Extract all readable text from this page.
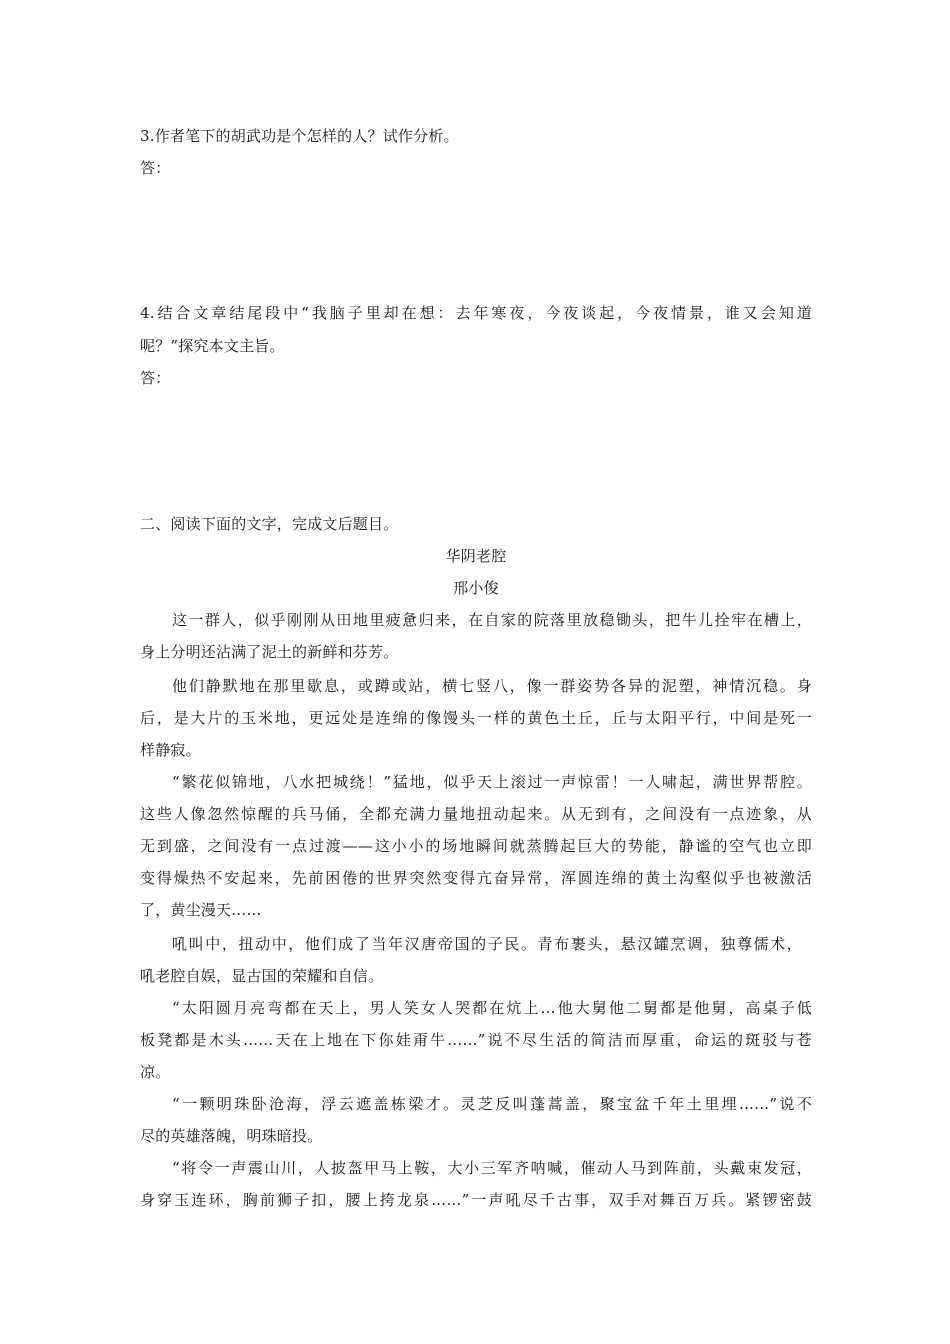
3.作者笔下的胡武功是个怎样的人？试作分析。
答：
4.结合文章结尾段中“我脑子里却在想：去年寒夜，今夜谈起，今夜情景，谁又会知道
呢？”探究本文主旨。
答：
二、阅读下面的文字，完成文后题目。
华阴老腔
邢小俊
这一群人，似乎刚刚从田地里疲惫归来，在自家的院落里放稳锄头，把牛儿拴牢在槽上，
身上分明还沾满了泥土的新鲜和芬芳。
他们静默地在那里歇息，或蹲或站，横七竖八，像一群姿势各异的泥塑，神情沉稳。身
后，是大片的玉米地，更远处是连绵的像馒头一样的黄色土丘，丘与太阳平行，中间是死一
样静寂。
“繁花似锦地，八水把城绕！”猛地，似乎天上滚过一声惊雷！一人啸起，满世界帮腔。
这些人像忽然惊醒的兵马俑，全都充满力量地扭动起来。从无到有，之间没有一点迹象，从
无到盛，之间没有一点过渡——这小小的场地瞬间就蒸腾起巨大的势能，静谧的空气也立即
变得燥热不安起来，先前困倦的世界突然变得亢奋异常，浑圆连绵的黄土沟壑似乎也被激活
了，黄尘漫天……
吼叫中，扭动中，他们成了当年汉唐帝国的子民。青布裹头，悬汉罐烹调，独尊儒术，
吼老腔自娱，显古国的荣耀和自信。
“太阳圆月亮弯都在天上，男人笑女人哭都在炕上…他大舅他二舅都是他舅，高桌子低
板凳都是木头……天在上地在下你娃甭牛……”说不尽生活的简洁而厚重，命运的斑驳与苍
凉。
“一颗明珠卧沧海，浮云遮盖栋梁才。灵芝反叫蓬蒿盖，聚宝盆千年土里埋……”说不
尽的英雄落魄，明珠暗投。
“将令一声震山川，人披盔甲马上鞍，大小三军齐呐喊，催动人马到阵前，头戴束发冠，
身穿玉连环，胸前狮子扣，腰上挎龙泉……”一声吼尽千古事，双手对舞百万兵。紧锣密鼓
